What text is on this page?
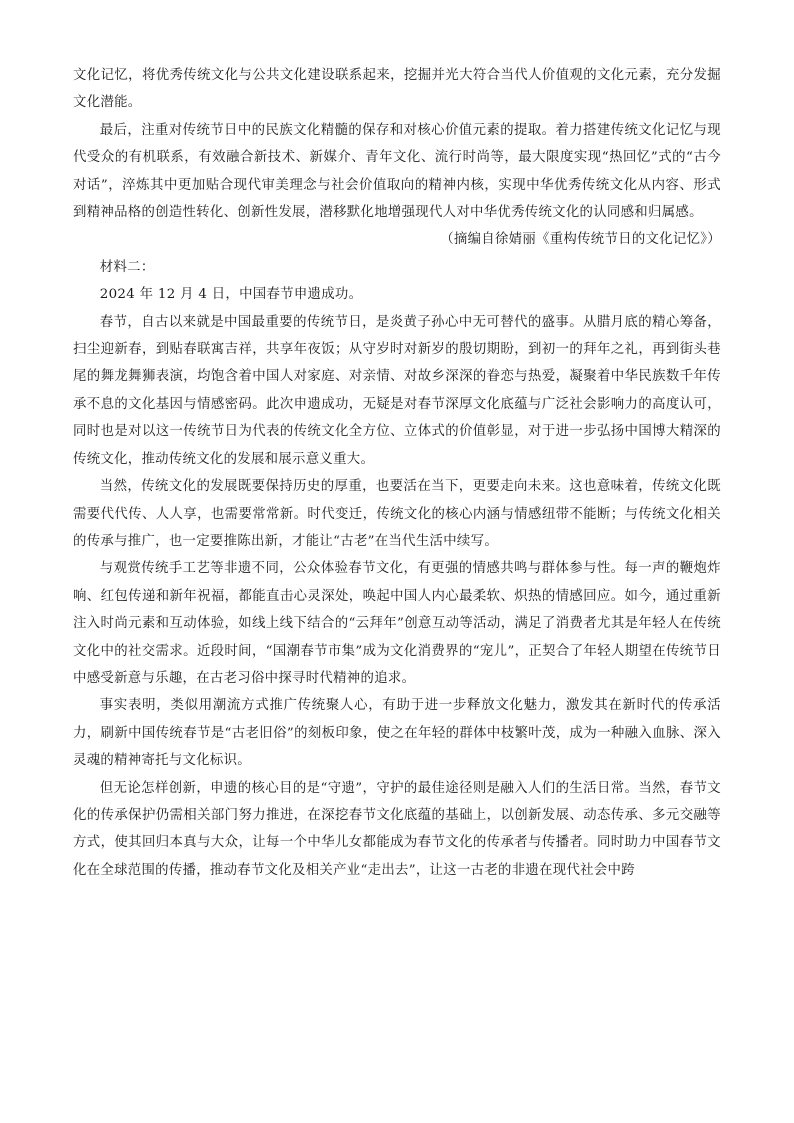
文化记忆，将优秀传统文化与公共文化建设联系起来，挖掘并光大符合当代人价值观的文化元素，充分发掘文化潜能。

最后，注重对传统节日中的民族文化精髓的保存和对核心价值元素的提取。着力搭建传统文化记忆与现代受众的有机联系，有效融合新技术、新媒介、青年文化、流行时尚等，最大限度实现“热回忆”式的“古今对话”，淬炼其中更加贴合现代审美理念与社会价值取向的精神内核，实现中华优秀传统文化从内容、形式到精神品格的创造性转化、创新性发展，潜移默化地增强现代人对中华优秀传统文化的认同感和归属感。

（摘编自徐婧丽《重构传统节日的文化记忆》）

材料二：

2024 年 12 月 4 日，中国春节申遗成功。

春节，自古以来就是中国最重要的传统节日，是炎黄子孙心中无可替代的盛事。从腊月底的精心筹备，扫尘迎新春，到贴春联寓吉祥，共享年夜饭；从守岁时对新岁的殷切期盼，到初一的拜年之礼，再到街头巷尾的舞龙舞狮表演，均饱含着中国人对家庭、对亲情、对故乡深深的眷恋与热爱，凝聚着中华民族数千年传承不息的文化基因与情感密码。此次申遗成功，无疑是对春节深厚文化底蕴与广泛社会影响力的高度认可，同时也是对以这一传统节日为代表的传统文化全方位、立体式的价值彰显，对于进一步弘扬中国博大精深的传统文化，推动传统文化的发展和展示意义重大。

当然，传统文化的发展既要保持历史的厚重，也要活在当下，更要走向未来。这也意味着，传统文化既需要代代传、人人享，也需要常常新。时代变迁，传统文化的核心内涵与情感纽带不能断；与传统文化相关的传承与推广，也一定要推陈出新，才能让“古老”在当代生活中续写。

与观赏传统手工艺等非遗不同，公众体验春节文化，有更强的情感共鸣与群体参与性。每一声的鞭炮炸响、红包传递和新年祝福，都能直击心灵深处，唤起中国人内心最柔软、炽热的情感回应。如今，通过重新注入时尚元素和互动体验，如线上线下结合的“云拜年”创意互动等活动，满足了消费者尤其是年轻人在传统文化中的社交需求。近段时间，“国潮春节市集”成为文化消费界的“宠儿”，正契合了年轻人期望在传统节日中感受新意与乐趣，在古老习俗中探寻时代精神的追求。

事实表明，类似用潮流方式推广传统聚人心，有助于进一步释放文化魅力，激发其在新时代的传承活力，刷新中国传统春节是“古老旧俗”的刻板印象，使之在年轻的群体中枝繁叶茂，成为一种融入血脉、深入灵魂的精神寄托与文化标识。

但无论怎样创新，申遗的核心目的是“守遗”，守护的最佳途径则是融入人们的生活日常。当然，春节文化的传承保护仍需相关部门努力推进，在深挖春节文化底蕴的基础上，以创新发展、动态传承、多元交融等方式，使其回归本真与大众，让每一个中华儿女都能成为春节文化的传承者与传播者。同时助力中国春节文化在全球范围的传播，推动春节文化及相关产业“走出去”，让这一古老的非遗在现代社会中跨
